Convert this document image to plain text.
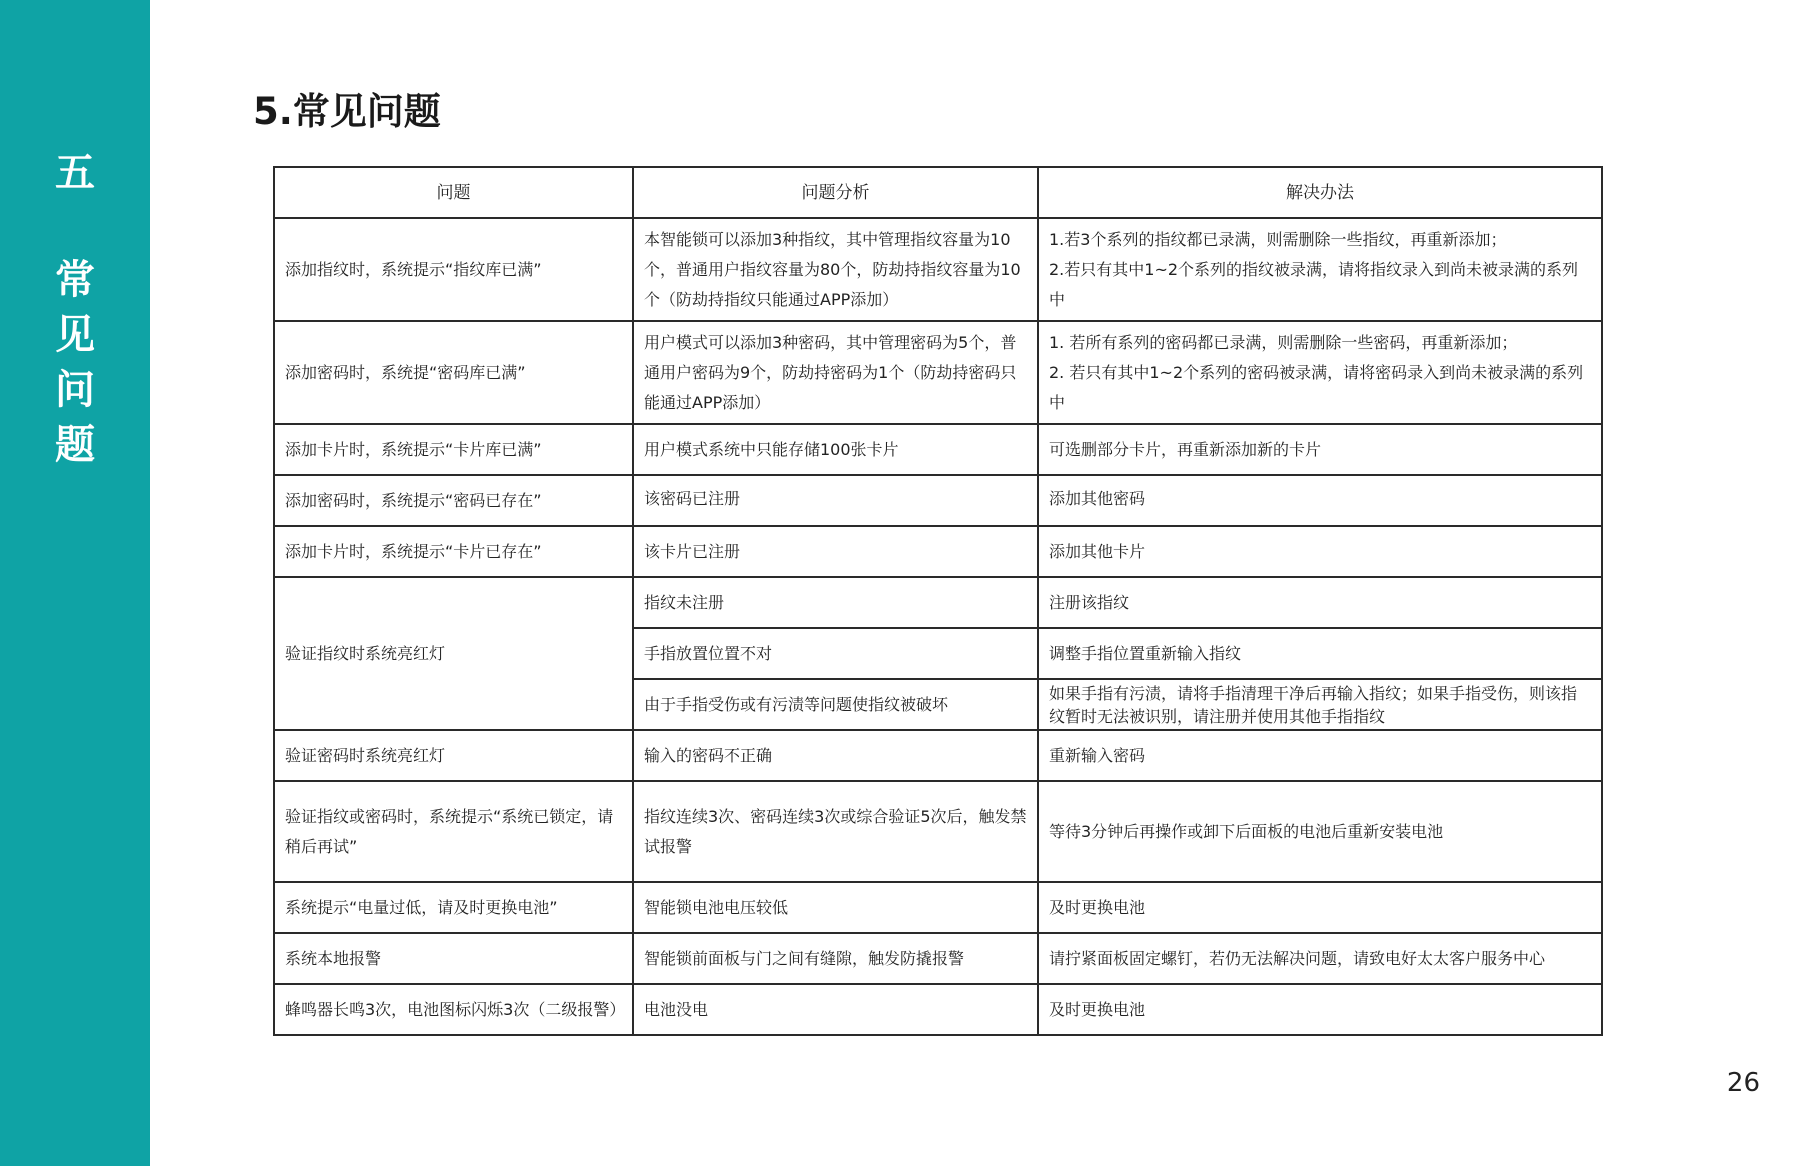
五
常
见
问
题
5.常见问题
问题	问题分析	解决办法
添加指纹时，系统提示“指纹库已满”	本智能锁可以添加3种指纹，其中管理指纹容量为10个，普通用户指纹容量为80个，防劫持指纹容量为10个（防劫持指纹只能通过APP添加）	1.若3个系列的指纹都已录满，则需删除一些指纹，再重新添加；
2.若只有其中1~2个系列的指纹被录满，请将指纹录入到尚未被录满的系列中

添加密码时，系统提“密码库已满”	用户模式可以添加3种密码，其中管理密码为5个，普通用户密码为9个，防劫持密码为1个（防劫持密码只能通过APP添加）	1. 若所有系列的密码都已录满，则需删除一些密码，再重新添加；
2. 若只有其中1~2个系列的密码被录满，请将密码录入到尚未被录满的系列中

添加卡片时，系统提示“卡片库已满”	用户模式系统中只能存储100张卡片	可选删部分卡片，再重新添加新的卡片
添加密码时，系统提示“密码已存在”	该密码已注册	添加其他密码
添加卡片时，系统提示“卡片已存在”	该卡片已注册	添加其他卡片
验证指纹时系统亮红灯	指纹未注册	注册该指纹
	手指放置位置不对	调整手指位置重新输入指纹
	由于手指受伤或有污渍等问题使指纹被破坏	如果手指有污渍，请将手指清理干净后再输入指纹；如果手指受伤，则该指纹暂时无法被识别，请注册并使用其他手指指纹
验证密码时系统亮红灯	输入的密码不正确	重新输入密码
验证指纹或密码时，系统提示“系统已锁定，请稍后再试”	指纹连续3次、密码连续3次或综合验证5次后，触发禁试报警	等待3分钟后再操作或卸下后面板的电池后重新安装电池
系统提示“电量过低，请及时更换电池”	智能锁电池电压较低	及时更换电池
系统本地报警	智能锁前面板与门之间有缝隙，触发防撬报警	请拧紧面板固定螺钉，若仍无法解决问题，请致电好太太客户服务中心
蜂鸣器长鸣3次，电池图标闪烁3次（二级报警）	电池没电	及时更换电池
26
